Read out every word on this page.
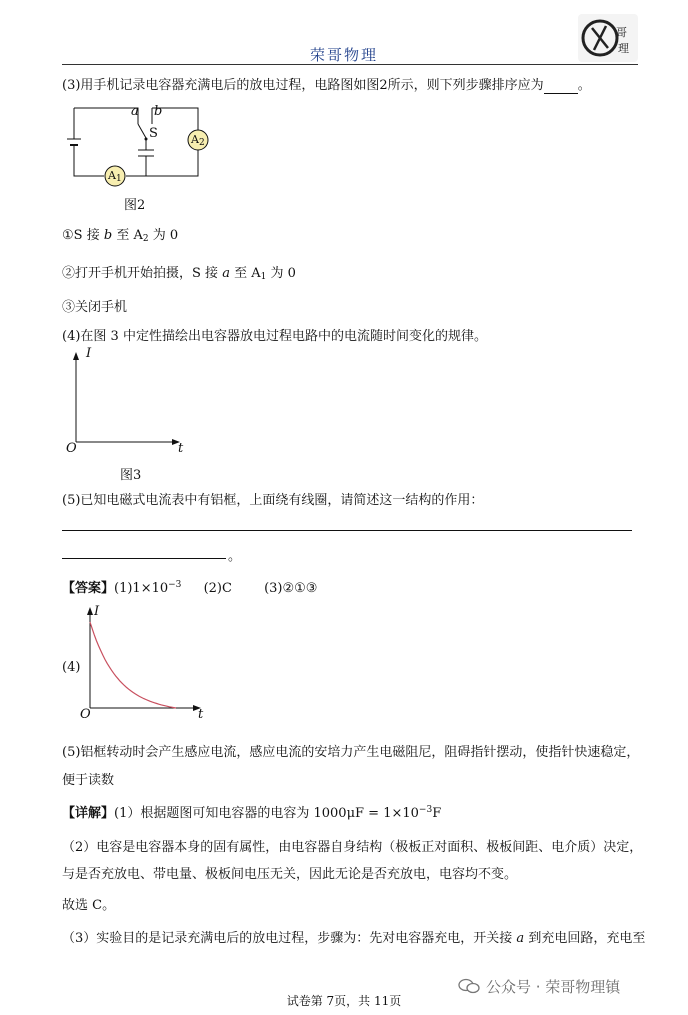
荣哥物理
哥
理
(3)用手机记录电容器充满电后的放电过程，电路图如图2所示，则下列步骤排序应为	。
a b
S	$A_2$
$A_1$
图2
①S 接 b 至 $A_2$ 为 0
②打开手机开始拍摄，S 接 a 至 $A_1$ 为 0
③关闭手机
(4)在图 3 中定性描绘出电容器放电过程电路中的电流随时间变化的规律。
I
t
O
图3
(5)已知电磁式电流表中有铝框，上面绕有线圈，请简述这一结构的作用：
。
【答案】$(1)1\times 10^{-3}$ (2)C (3)②①③
I
t
O
(4)
(5)铝框转动时会产生感应电流，感应电流的安培力产生电磁阻尼，阻碍指针摆动，使指针快速稳定，
便于读数
【详解】(1）根据题图可知电容器的电容为 $1000\mu F = 1\times 10^{-3}F$
（2）电容是电容器本身的固有属性，由电容器自身结构（极板正对面积、极板间距、电介质）决定，
与是否充放电、带电量、极板间电压无关，因此无论是否充放电，电容均不变。
故选 C。
（3）实验目的是记录充满电后的放电过程，步骤为：先对电容器充电，开关接 a 到充电回路，充电至
公众号 · 荣哥物理镇
试卷第 7页，共 11页
